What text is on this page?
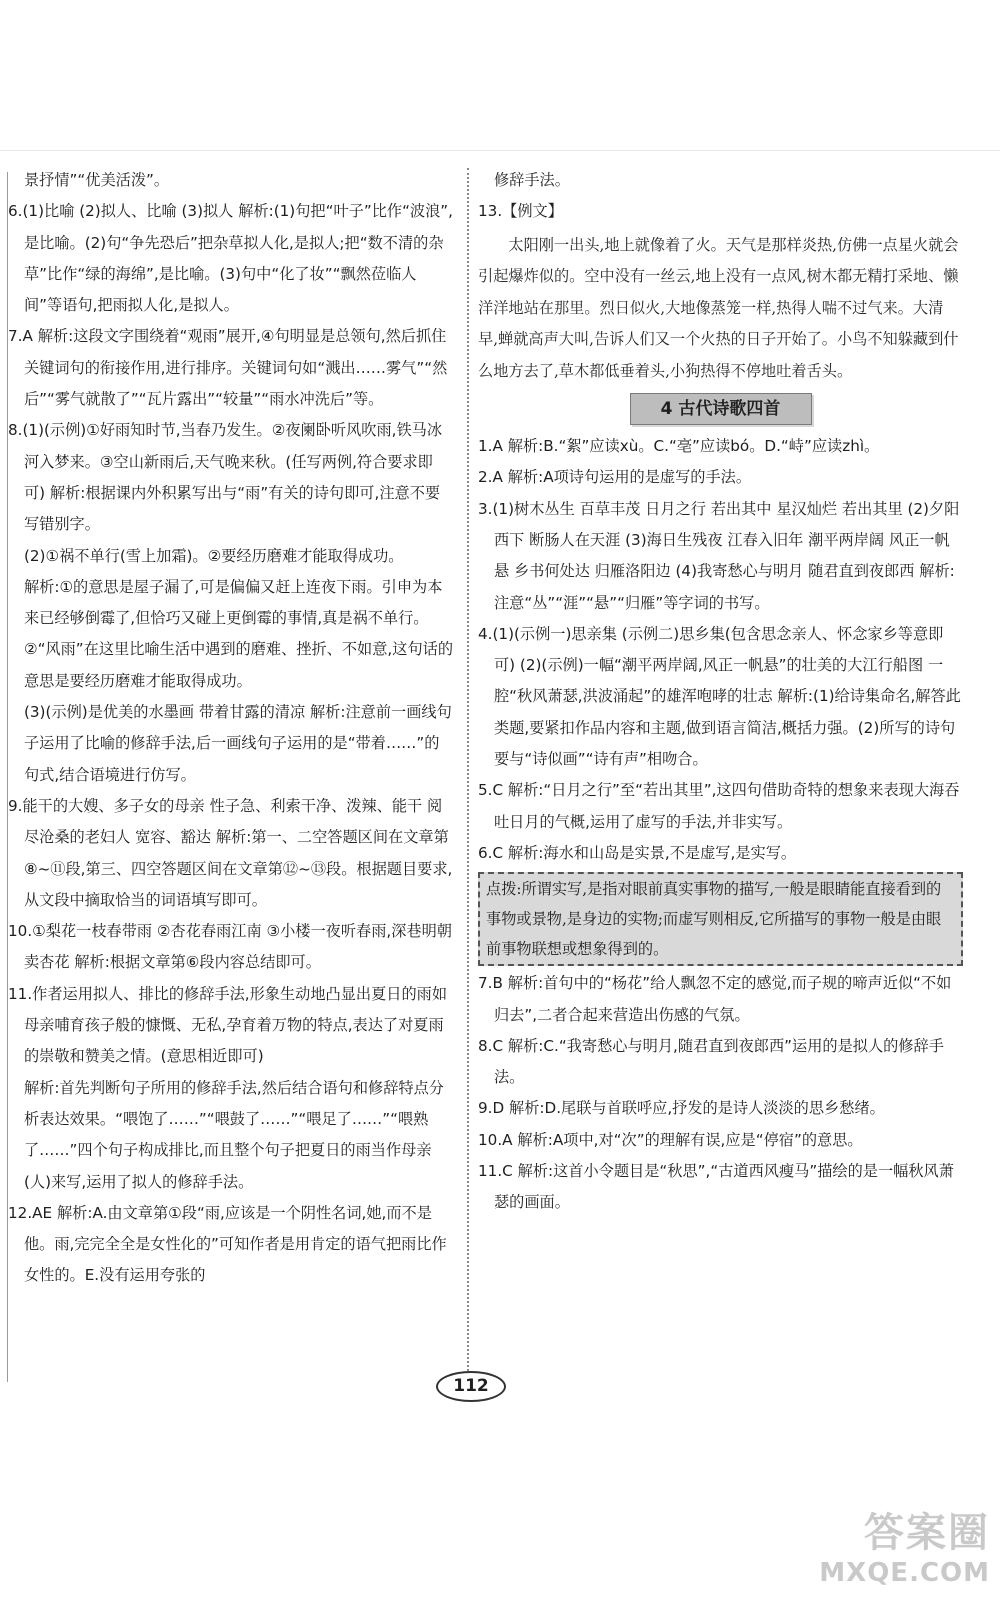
景抒情”“优美活泼”。

6.(1)比喻 (2)拟人、比喻 (3)拟人 解析:(1)句把“叶子”比作“波浪”,是比喻。(2)句“争先恐后”把杂草拟人化,是拟人;把“数不清的杂草”比作“绿的海绵”,是比喻。(3)句中“化了妆”“飘然莅临人间”等语句,把雨拟人化,是拟人。

7.A 解析:这段文字围绕着“观雨”展开,④句明显是总领句,然后抓住关键词句的衔接作用,进行排序。关键词句如“溅出……雾气”“然后”“雾气就散了”“瓦片露出”“较量”“雨水冲洗后”等。

8.(1)(示例)①好雨知时节,当春乃发生。②夜阑卧听风吹雨,铁马冰河入梦来。③空山新雨后,天气晚来秋。(任写两例,符合要求即可) 解析:根据课内外积累写出与“雨”有关的诗句即可,注意不要写错别字。

(2)①祸不单行(雪上加霜)。②要经历磨难才能取得成功。

解析:①的意思是屋子漏了,可是偏偏又赶上连夜下雨。引申为本来已经够倒霉了,但恰巧又碰上更倒霉的事情,真是祸不单行。②“风雨”在这里比喻生活中遇到的磨难、挫折、不如意,这句话的意思是要经历磨难才能取得成功。

(3)(示例)是优美的水墨画 带着甘露的清凉 解析:注意前一画线句子运用了比喻的修辞手法,后一画线句子运用的是“带着……”的句式,结合语境进行仿写。

9.能干的大嫂、多子女的母亲 性子急、利索干净、泼辣、能干 阅尽沧桑的老妇人 宽容、豁达 解析:第一、二空答题区间在文章第⑧~⑪段,第三、四空答题区间在文章第⑫~⑬段。根据题目要求,从文段中摘取恰当的词语填写即可。

10.①梨花一枝春带雨 ②杏花春雨江南 ③小楼一夜听春雨,深巷明朝卖杏花 解析:根据文章第⑥段内容总结即可。

11.作者运用拟人、排比的修辞手法,形象生动地凸显出夏日的雨如母亲哺育孩子般的慷慨、无私,孕育着万物的特点,表达了对夏雨的崇敬和赞美之情。(意思相近即可)

解析:首先判断句子所用的修辞手法,然后结合语句和修辞特点分析表达效果。“喂饱了……”“喂鼓了……”“喂足了……”“喂熟了……”四个句子构成排比,而且整个句子把夏日的雨当作母亲(人)来写,运用了拟人的修辞手法。

12.AE 解析:A.由文章第①段“雨,应该是一个阴性名词,她,而不是他。雨,完完全全是女性化的”可知作者是用肯定的语气把雨比作女性的。E.没有运用夸张的

修辞手法。

13.【例文】

太阳刚一出头,地上就像着了火。天气是那样炎热,仿佛一点星火就会引起爆炸似的。空中没有一丝云,地上没有一点风,树木都无精打采地、懒洋洋地站在那里。烈日似火,大地像蒸笼一样,热得人喘不过气来。大清早,蝉就高声大叫,告诉人们又一个火热的日子开始了。小鸟不知躲藏到什么地方去了,草木都低垂着头,小狗热得不停地吐着舌头。

4 古代诗歌四首

1.A 解析:B.“絮”应读xù。C.“亳”应读bó。D.“峙”应读zhì。

2.A 解析:A项诗句运用的是虚写的手法。

3.(1)树木丛生 百草丰茂 日月之行 若出其中 星汉灿烂 若出其里 (2)夕阳西下 断肠人在天涯 (3)海日生残夜 江春入旧年 潮平两岸阔 风正一帆悬 乡书何处达 归雁洛阳边 (4)我寄愁心与明月 随君直到夜郎西 解析:注意“丛”“涯”“悬”“归雁”等字词的书写。

4.(1)(示例一)思亲集 (示例二)思乡集(包含思念亲人、怀念家乡等意即可) (2)(示例)一幅“潮平两岸阔,风正一帆悬”的壮美的大江行船图 一腔“秋风萧瑟,洪波涌起”的雄浑咆哮的壮志 解析:(1)给诗集命名,解答此类题,要紧扣作品内容和主题,做到语言简洁,概括力强。(2)所写的诗句要与“诗似画”“诗有声”相吻合。

5.C 解析:“日月之行”至“若出其里”,这四句借助奇特的想象来表现大海吞吐日月的气概,运用了虚写的手法,并非实写。

6.C 解析:海水和山岛是实景,不是虚写,是实写。

点拨:所谓实写,是指对眼前真实事物的描写,一般是眼睛能直接看到的事物或景物,是身边的实物;而虚写则相反,它所描写的事物一般是由眼前事物联想或想象得到的。

7.B 解析:首句中的“杨花”给人飘忽不定的感觉,而子规的啼声近似“不如归去”,二者合起来营造出伤感的气氛。

8.C 解析:C.“我寄愁心与明月,随君直到夜郎西”运用的是拟人的修辞手法。

9.D 解析:D.尾联与首联呼应,抒发的是诗人淡淡的思乡愁绪。

10.A 解析:A项中,对“次”的理解有误,应是“停宿”的意思。

11.C 解析:这首小令题目是“秋思”,“古道西风瘦马”描绘的是一幅秋风萧瑟的画面。

112
答案圈
MXQE.COM
